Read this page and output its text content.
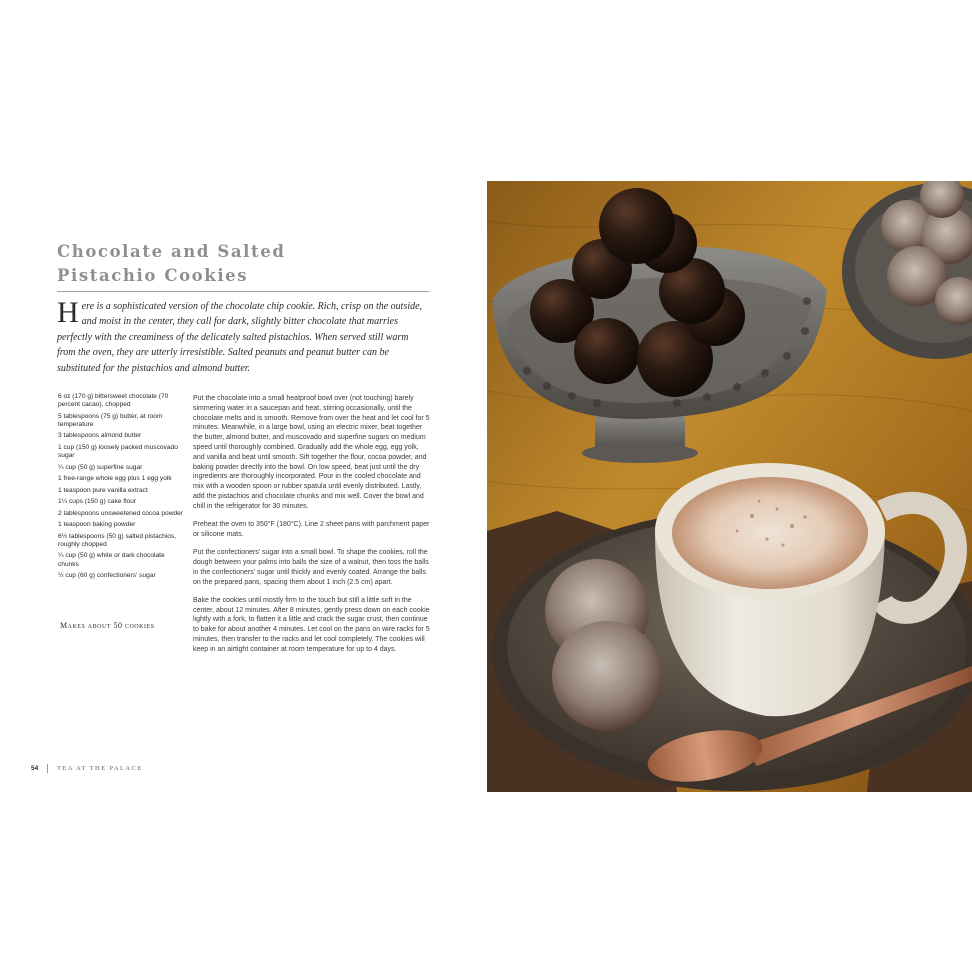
Chocolate and Salted
Pistachio Cookies

Here is a sophisticated version of the chocolate chip cookie. Rich, crisp on the outside, and moist in the center, they call for dark, slightly bitter chocolate that marries perfectly with the creaminess of the delicately salted pistachios. When served still warm from the oven, they are utterly irresistible. Salted peanuts and peanut butter can be substituted for the pistachios and almond butter.

6 oz (170 g) bittersweet chocolate (70 percent cacao), chopped
5 tablespoons (75 g) butter, at room temperature
3 tablespoons almond butter
1 cup (150 g) loosely packed muscovado sugar
¼ cup (50 g) superfine sugar
1 free-range whole egg plus 1 egg yolk
1 teaspoon pure vanilla extract
1¼ cups (150 g) cake flour
2 tablespoons unsweetened cocoa powder
1 teaspoon baking powder
6½ tablespoons (50 g) salted pistachios, roughly chopped
¼ cup (50 g) white or dark chocolate chunks
½ cup (60 g) confectioners' sugar
Makes about 50 cookies

Put the chocolate into a small heatproof bowl over (not touching) barely simmering water in a saucepan and heat, stirring occasionally, until the chocolate melts and is smooth. Remove from over the heat and let cool for 5 minutes. Meanwhile, in a large bowl, using an electric mixer, beat together the butter, almond butter, and muscovado and superfine sugars on medium speed until thoroughly combined. Gradually add the whole egg, egg yolk, and vanilla and beat until smooth. Sift together the flour, cocoa powder, and baking powder directly into the bowl. On low speed, beat just until the dry ingredients are thoroughly incorporated. Pour in the cooled chocolate and mix with a wooden spoon or rubber spatula until evenly distributed. Lastly, add the pistachios and chocolate chunks and mix well. Cover the bowl and chill in the refrigerator for 30 minutes.

Preheat the oven to 350°F (180°C). Line 2 sheet pans with parchment paper or silicone mats.

Put the confectioners' sugar into a small bowl. To shape the cookies, roll the dough between your palms into balls the size of a walnut, then toss the balls in the confectioners' sugar until thickly and evenly coated. Arrange the balls on the prepared pans, spacing them about 1 inch (2.5 cm) apart.

Bake the cookies until mostly firm to the touch but still a little soft in the center, about 12 minutes. After 8 minutes, gently press down on each cookie lightly with a fork, to flatten it a little and crack the sugar crust, then continue to bake for about another 4 minutes. Let cool on the pans on wire racks for 5 minutes, then transfer to the racks and let cool completely. The cookies will keep in an airtight container at room temperature for up to 4 days.

54	TEA AT THE PALACE
